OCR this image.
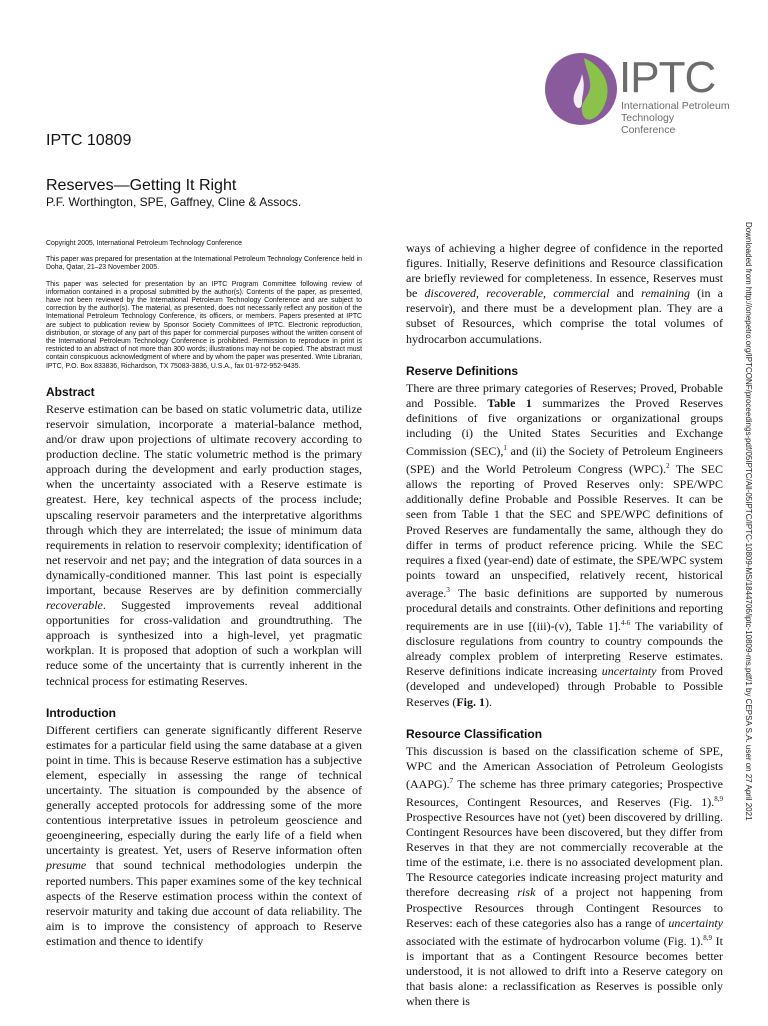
IPTC
International Petroleum Technology Conference
IPTC 10809
Reserves—Getting It Right
P.F. Worthington, SPE, Gaffney, Cline & Assocs.
Downloaded from http://onepetro.org/IPTCONF/proceedings-pdf/05IPTC/All-05IPTC/IPTC-10809-MS/1844706/iptc-10809-ms.pdf/1 by CEPSA S.A. user on 27 April 2021

Copyright 2005, International Petroleum Technology Conference

This paper was prepared for presentation at the International Petroleum Technology Conference held in Doha, Qatar, 21–23 November 2005.

This paper was selected for presentation by an IPTC Program Committee following review of information contained in a proposal submitted by the author(s). Contents of the paper, as presented, have not been reviewed by the International Petroleum Technology Conference and are subject to correction by the author(s). The material, as presented, does not necessarily reflect any position of the International Petroleum Technology Conference, its officers, or members. Papers presented at IPTC are subject to publication review by Sponsor Society Committees of IPTC. Electronic reproduction, distribution, or storage of any part of this paper for commercial purposes without the written consent of the International Petroleum Technology Conference is prohibited. Permission to reproduce in print is restricted to an abstract of not more than 300 words; illustrations may not be copied. The abstract must contain conspicuous acknowledgment of where and by whom the paper was presented. Write Librarian, IPTC, P.O. Box 833836, Richardson, TX 75083-3836, U.S.A., fax 01-972-952-9435.

Abstract

Reserve estimation can be based on static volumetric data, utilize reservoir simulation, incorporate a material-balance method, and/or draw upon projections of ultimate recovery according to production decline. The static volumetric method is the primary approach during the development and early production stages, when the uncertainty associated with a Reserve estimate is greatest. Here, key technical aspects of the process include; upscaling reservoir parameters and the interpretative algorithms through which they are interrelated; the issue of minimum data requirements in relation to reservoir complexity; identification of net reservoir and net pay; and the integration of data sources in a dynamically-conditioned manner. This last point is especially important, because Reserves are by definition commercially recoverable. Suggested improvements reveal additional opportunities for cross-validation and groundtruthing. The approach is synthesized into a high-level, yet pragmatic workplan. It is proposed that adoption of such a workplan will reduce some of the uncertainty that is currently inherent in the technical process for estimating Reserves.

Introduction

Different certifiers can generate significantly different Reserve estimates for a particular field using the same database at a given point in time. This is because Reserve estimation has a subjective element, especially in assessing the range of technical uncertainty. The situation is compounded by the absence of generally accepted protocols for addressing some of the more contentious interpretative issues in petroleum geoscience and geoengineering, especially during the early life of a field when uncertainty is greatest. Yet, users of Reserve information often presume that sound technical methodologies underpin the reported numbers. This paper examines some of the key technical aspects of the Reserve estimation process within the context of reservoir maturity and taking due account of data reliability. The aim is to improve the consistency of approach to Reserve estimation and thence to identify

ways of achieving a higher degree of confidence in the reported figures. Initially, Reserve definitions and Resource classification are briefly reviewed for completeness. In essence, Reserves must be discovered, recoverable, commercial and remaining (in a reservoir), and there must be a development plan. They are a subset of Resources, which comprise the total volumes of hydrocarbon accumulations.

Reserve Definitions

There are three primary categories of Reserves; Proved, Probable and Possible. Table 1 summarizes the Proved Reserves definitions of five organizations or organizational groups including (i) the United States Securities and Exchange Commission (SEC),$^1$ and (ii) the Society of Petroleum Engineers (SPE) and the World Petroleum Congress (WPC).$^2$ The SEC allows the reporting of Proved Reserves only: SPE/WPC additionally define Probable and Possible Reserves. It can be seen from Table 1 that the SEC and SPE/WPC definitions of Proved Reserves are fundamentally the same, although they do differ in terms of product reference pricing. While the SEC requires a fixed (year-end) date of estimate, the SPE/WPC system points toward an unspecified, relatively recent, historical average.$^3$ The basic definitions are supported by numerous procedural details and constraints. Other definitions and reporting requirements are in use [(iii)-(v), Table 1].$^{4-6}$ The variability of disclosure regulations from country to country compounds the already complex problem of interpreting Reserve estimates. Reserve definitions indicate increasing uncertainty from Proved (developed and undeveloped) through Probable to Possible Reserves (Fig. 1).

Resource Classification

This discussion is based on the classification scheme of SPE, WPC and the American Association of Petroleum Geologists (AAPG).$^7$ The scheme has three primary categories; Prospective Resources, Contingent Resources, and Reserves (Fig. 1).$^{8,9}$ Prospective Resources have not (yet) been discovered by drilling. Contingent Resources have been discovered, but they differ from Reserves in that they are not commercially recoverable at the time of the estimate, i.e. there is no associated development plan. The Resource categories indicate increasing project maturity and therefore decreasing risk of a project not happening from Prospective Resources through Contingent Resources to Reserves: each of these categories also has a range of uncertainty associated with the estimate of hydrocarbon volume (Fig. 1).$^{8,9}$ It is important that as a Contingent Resource becomes better understood, it is not allowed to drift into a Reserve category on that basis alone: a reclassification as Reserves is possible only when there is
